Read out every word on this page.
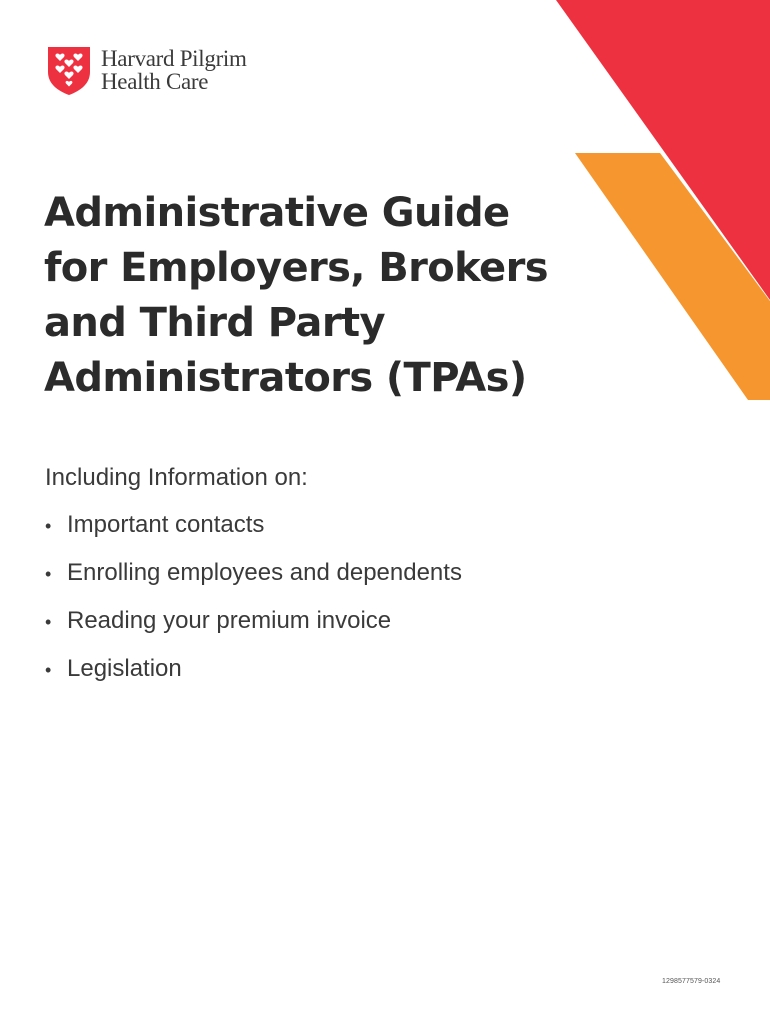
Harvard Pilgrim
Health Care
Administrative Guide
for Employers, Brokers
and Third Party
Administrators (TPAs)

Including Information on:

• Important contacts
• Enrolling employees and dependents
• Reading your premium invoice
• Legislation
1298577579-0324
